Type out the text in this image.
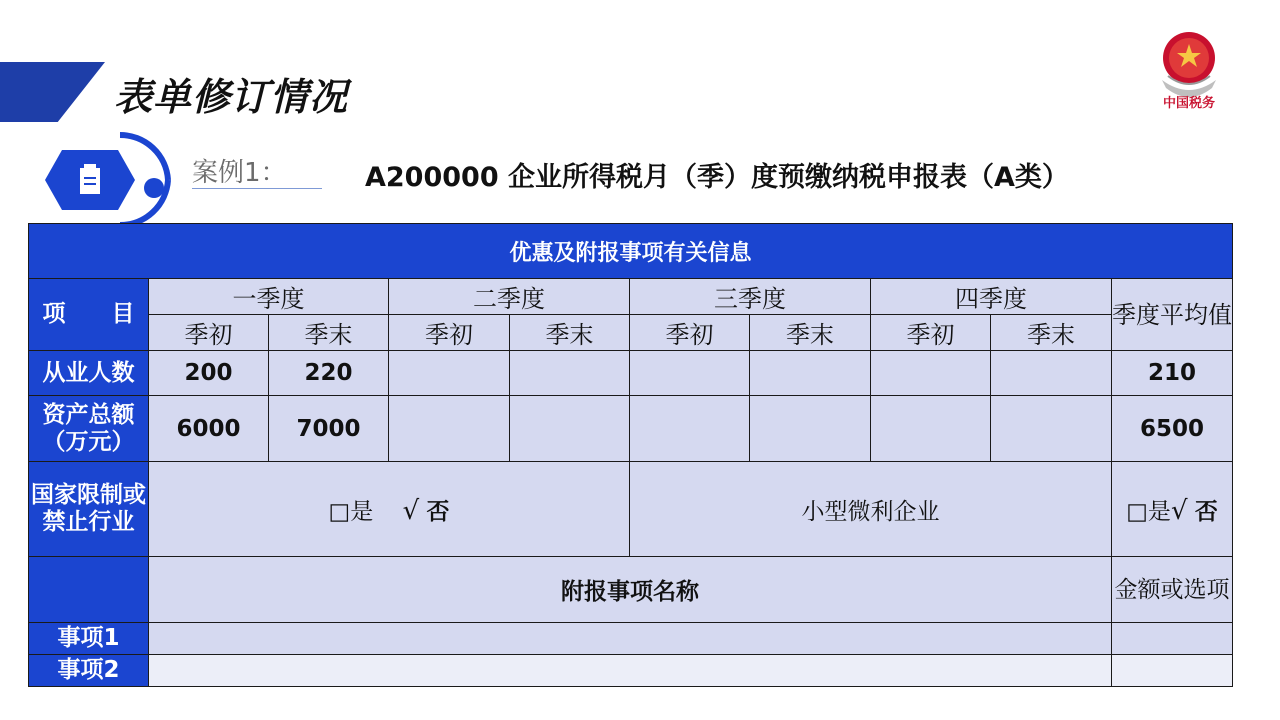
表单修订情况	中国税务
案例1：	A200000 企业所得税月（季）度预缴纳税申报表（A类）
优惠及附报事项有关信息									
项　　目	一季度		二季度		三季度		四季度		季度平均值
	季初	季末	季初	季末	季初	季末	季初	季末	
从业人数	200	220							210
资产总额（万元）	6000	7000							6500
国家限制或禁止行业	□是 √ 否				小型微利企业				□是√ 否
	附报事项名称								金额或选项
事项1									
事项2									
